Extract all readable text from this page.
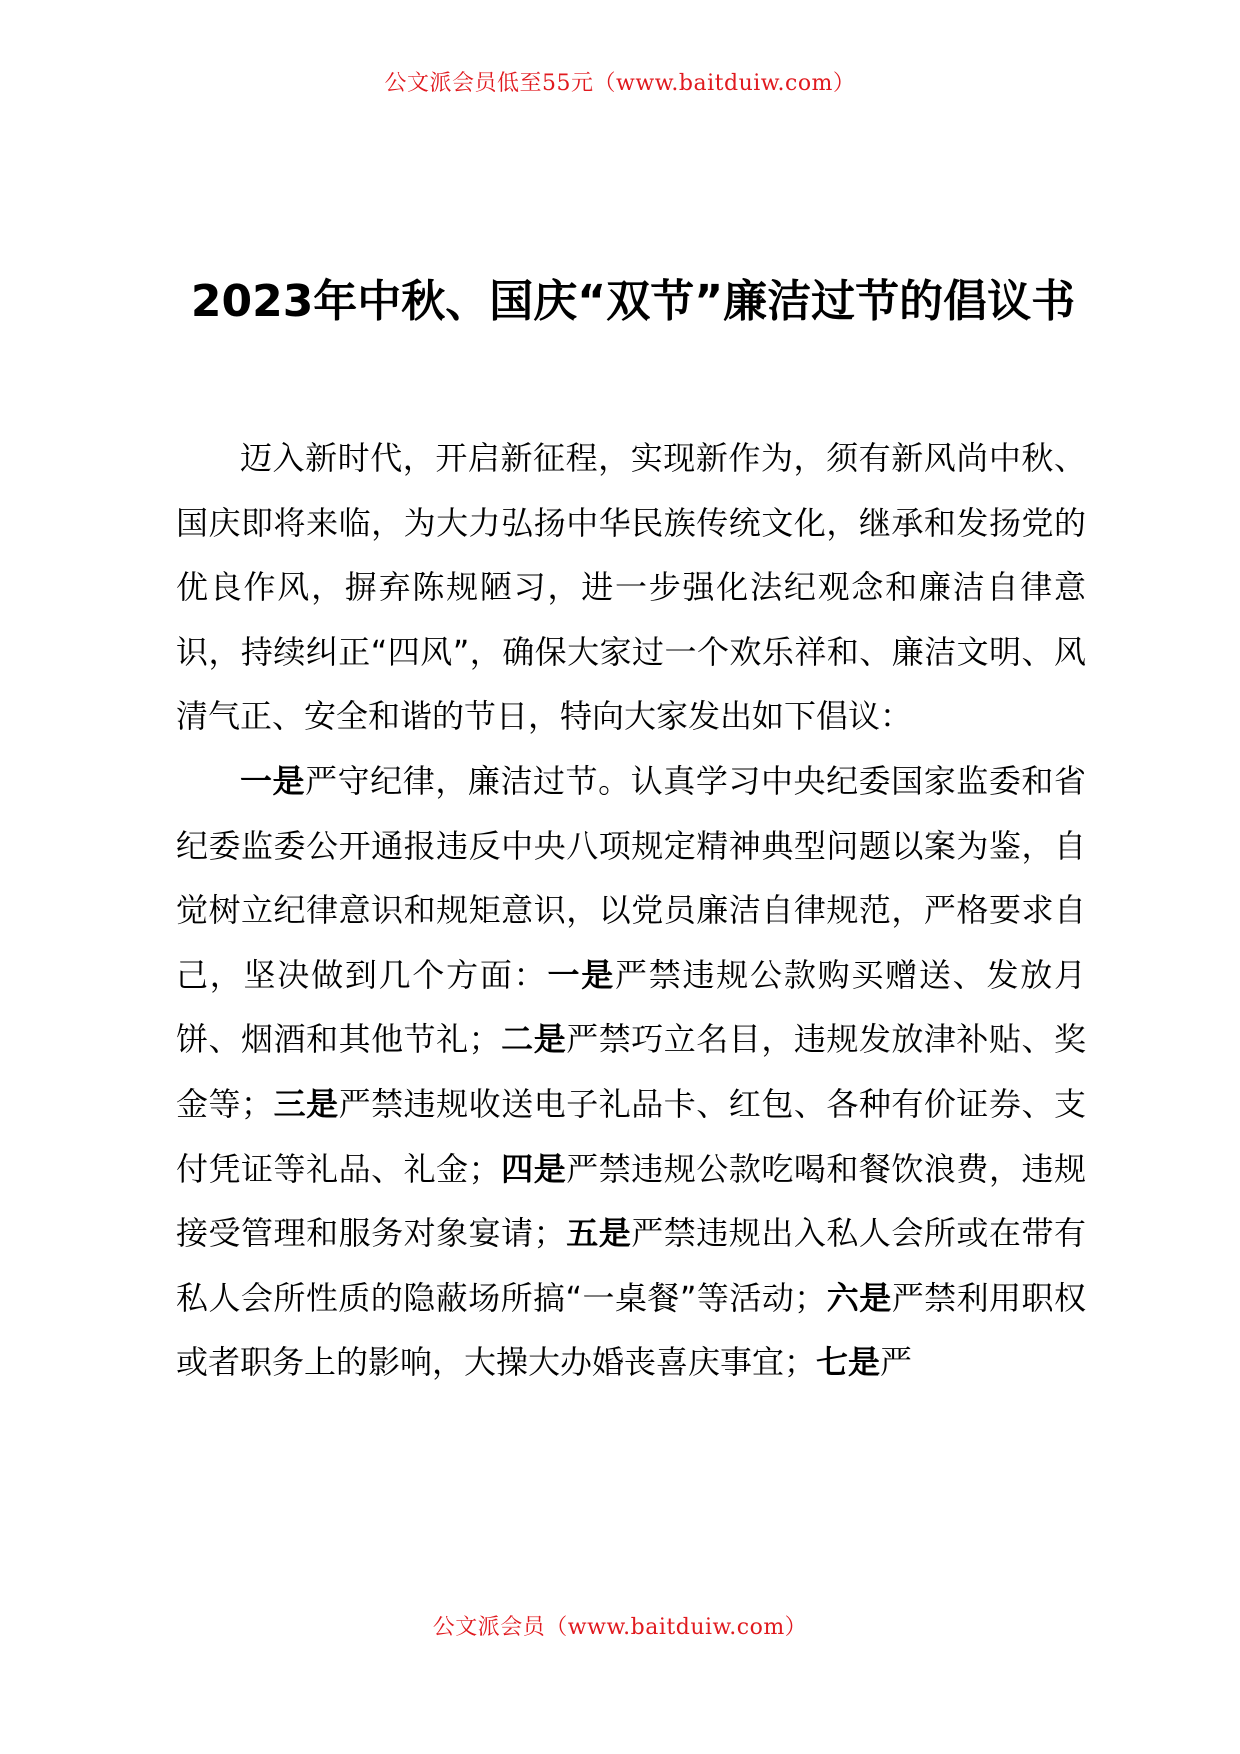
公文派会员低至55元（www.baitduiw.com）
2023年中秋、国庆“双节”廉洁过节的倡议书

迈入新时代，开启新征程，实现新作为，须有新风尚中秋、国庆即将来临，为大力弘扬中华民族传统文化，继承和发扬党的优良作风，摒弃陈规陋习，进一步强化法纪观念和廉洁自律意识，持续纠正“四风”，确保大家过一个欢乐祥和、廉洁文明、风清气正、安全和谐的节日，特向大家发出如下倡议：

一是严守纪律，廉洁过节。认真学习中央纪委国家监委和省纪委监委公开通报违反中央八项规定精神典型问题以案为鉴，自觉树立纪律意识和规矩意识，以党员廉洁自律规范，严格要求自己，坚决做到几个方面：一是严禁违规公款购买赠送、发放月饼、烟酒和其他节礼；二是严禁巧立名目，违规发放津补贴、奖金等；三是严禁违规收送电子礼品卡、红包、各种有价证券、支付凭证等礼品、礼金；四是严禁违规公款吃喝和餐饮浪费，违规接受管理和服务对象宴请；五是严禁违规出入私人会所或在带有私人会所性质的隐蔽场所搞“一桌餐”等活动；六是严禁利用职权或者职务上的影响，大操大办婚丧喜庆事宜；七是严

公文派会员（www.baitduiw.com）
